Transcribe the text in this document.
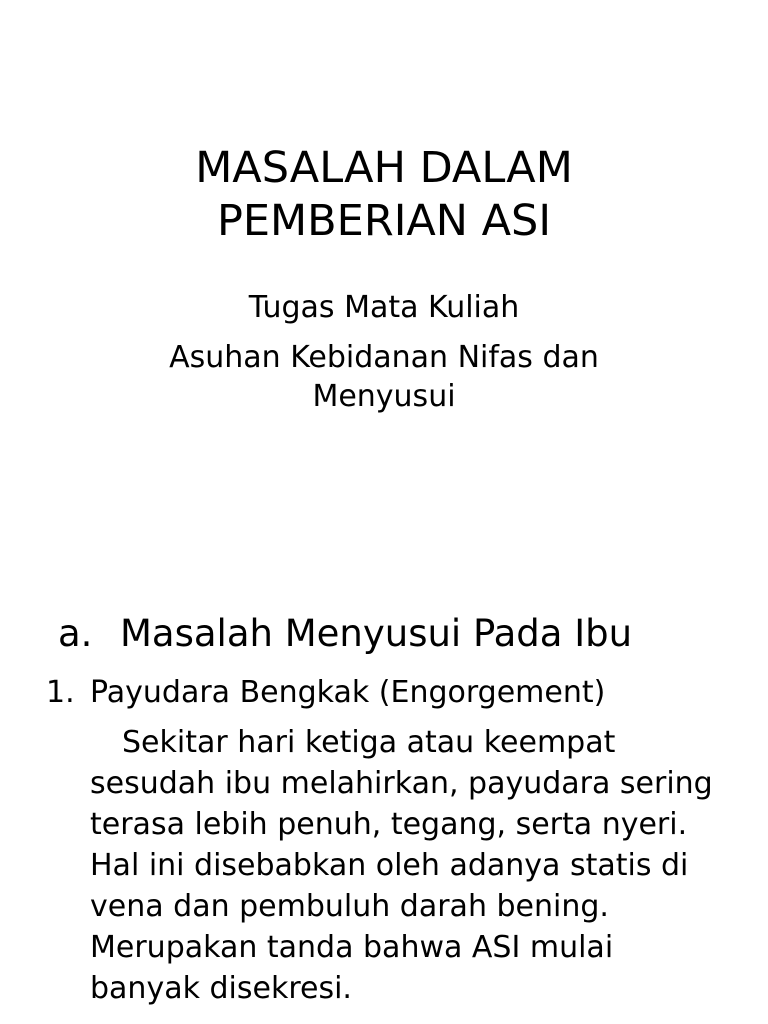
MASALAH DALAM
PEMBERIAN ASI

Tugas Mata Kuliah

Asuhan Kebidanan Nifas dan
Menyusui

a. Masalah Menyusui Pada Ibu
1. Payudara Bengkak (Engorgement)

Sekitar hari ketiga atau keempat sesudah ibu melahirkan, payudara sering terasa lebih penuh, tegang, serta nyeri. Hal ini disebabkan oleh adanya statis di vena dan pembuluh darah bening. Merupakan tanda bahwa ASI mulai banyak disekresi.
